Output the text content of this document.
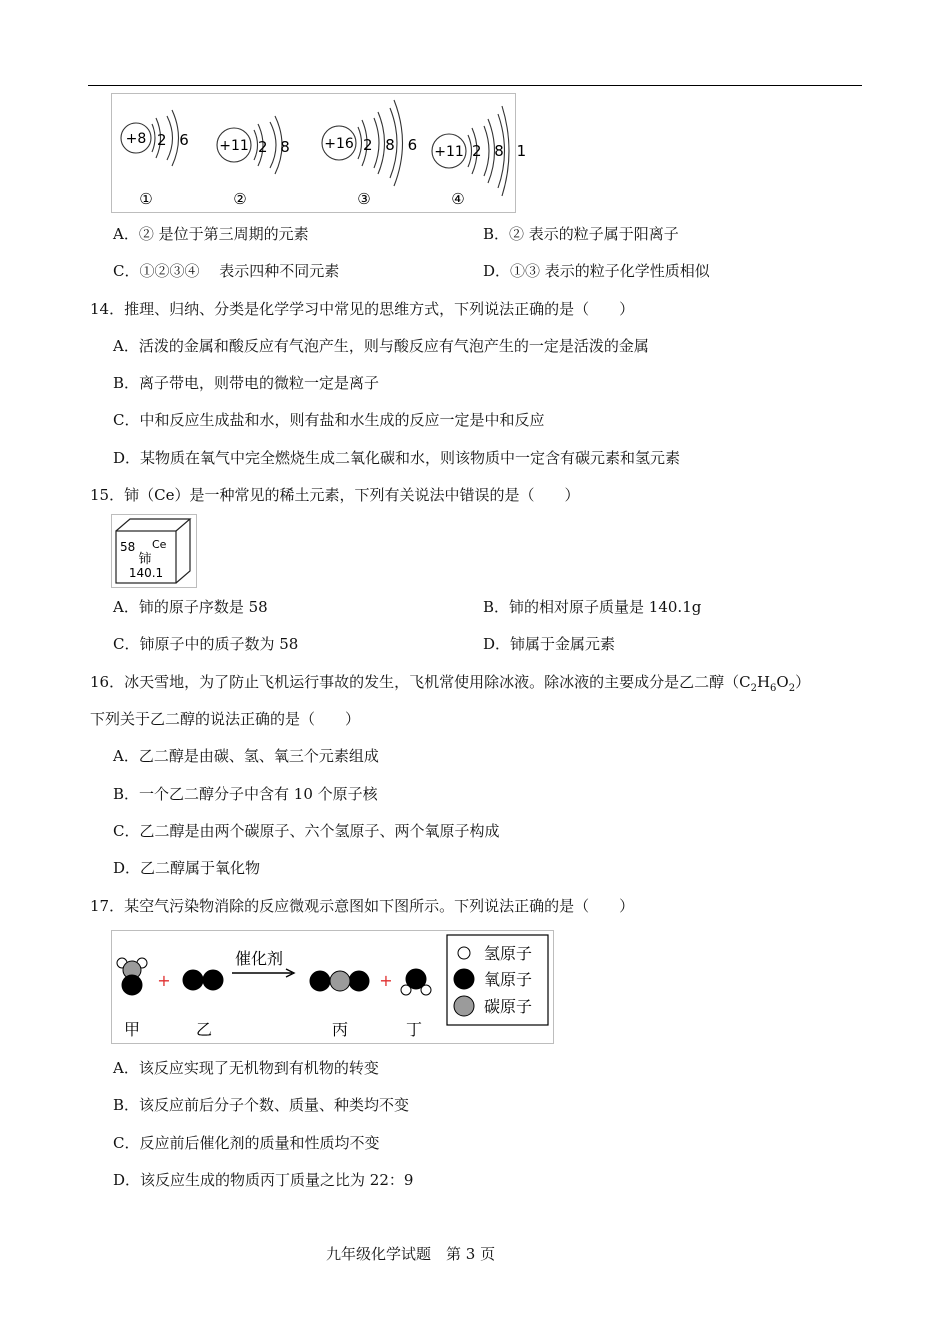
+8 2 6
①
+11 2 8
②
+16 2 8 6
③
+11 2 8 1
④
A．② 是位于第三周期的元素	B．② 表示的粒子属于阳离子
C．①②③④　 表示四种不同元素	D．①③ 表示的粒子化学性质相似
14．推理、归纳、分类是化学学习中常见的思维方式，下列说法正确的是（　　）
A．活泼的金属和酸反应有气泡产生，则与酸反应有气泡产生的一定是活泼的金属
B．离子带电，则带电的微粒一定是离子
C．中和反应生成盐和水，则有盐和水生成的反应一定是中和反应
D．某物质在氧气中完全燃烧生成二氧化碳和水，则该物质中一定含有碳元素和氢元素
15．铈（Ce）是一种常见的稀土元素，下列有关说法中错误的是（　　）
58 Ce
铈
140.1
A．铈的原子序数是 58	B．铈的相对原子质量是 140.1g
C．铈原子中的质子数为 58	D．铈属于金属元素
16．冰天雪地，为了防止飞机运行事故的发生，飞机常使用除冰液。除冰液的主要成分是乙二醇$(C_2H_6O_2)$
下列关于乙二醇的说法正确的是（　　）
A．乙二醇是由碳、氢、氧三个元素组成
B．一个乙二醇分子中含有 10 个原子核
C．乙二醇是由两个碳原子、六个氢原子、两个氧原子构成
D．乙二醇属于氧化物
17．某空气污染物消除的反应微观示意图如下图所示。下列说法正确的是（　　）
+
催化剂
+
甲	乙	丙	丁
氢原子
氧原子
碳原子
A．该反应实现了无机物到有机物的转变
B．该反应前后分子个数、质量、种类均不变
C．反应前后催化剂的质量和性质均不变
D．该反应生成的物质丙丁质量之比为 22：9
九年级化学试题　第 3 页
